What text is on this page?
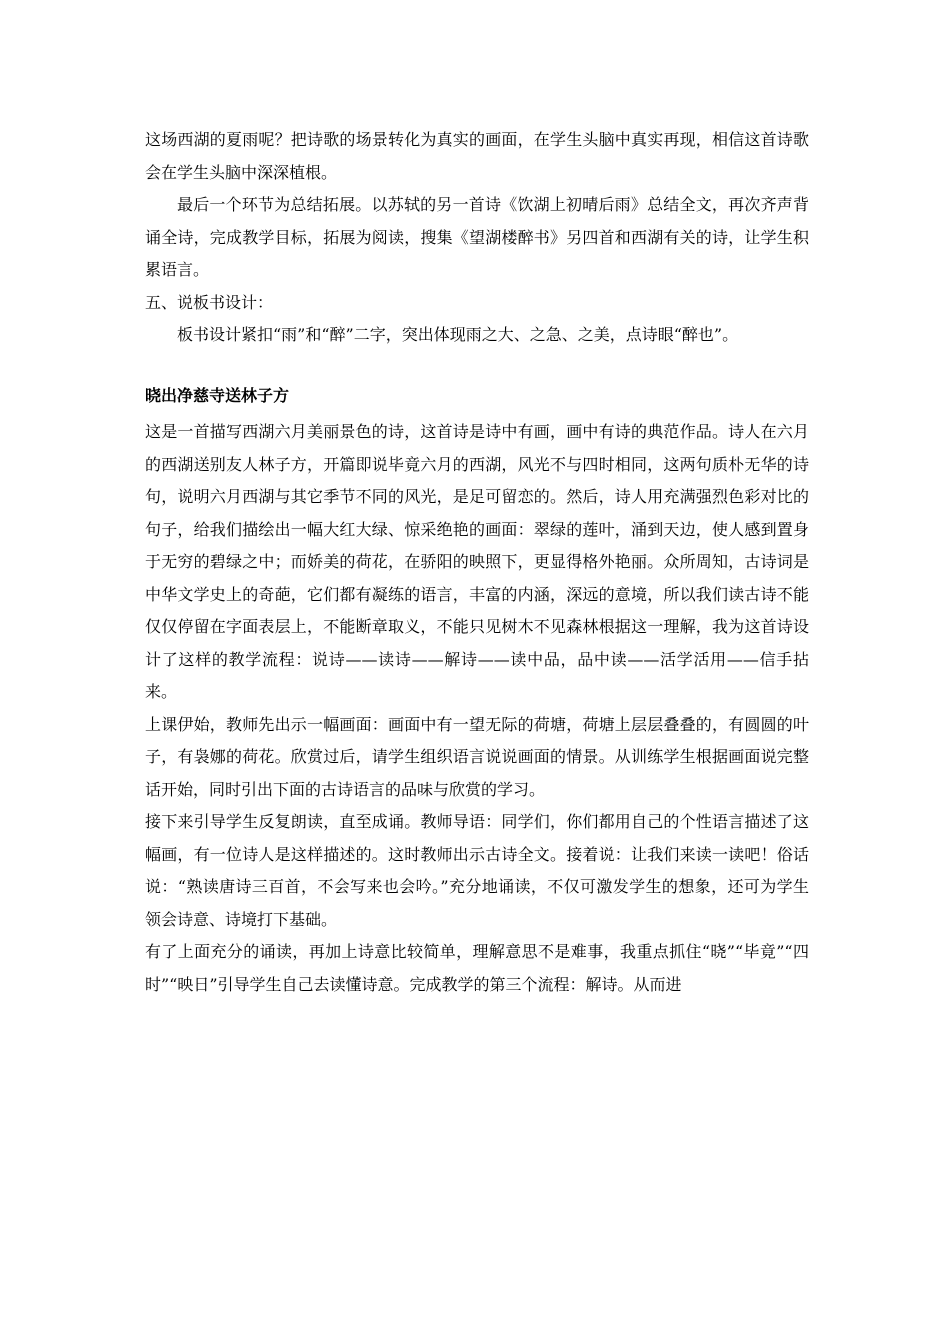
这场西湖的夏雨呢？把诗歌的场景转化为真实的画面，在学生头脑中真实再现，相信这首诗歌会在学生头脑中深深植根。

最后一个环节为总结拓展。以苏轼的另一首诗《饮湖上初晴后雨》总结全文，再次齐声背诵全诗，完成教学目标，拓展为阅读，搜集《望湖楼醉书》另四首和西湖有关的诗，让学生积累语言。

五、说板书设计：

板书设计紧扣“雨”和“醉”二字，突出体现雨之大、之急、之美，点诗眼“醉也”。

晓出净慈寺送林子方

这是一首描写西湖六月美丽景色的诗，这首诗是诗中有画，画中有诗的典范作品。诗人在六月的西湖送别友人林子方，开篇即说毕竟六月的西湖，风光不与四时相同，这两句质朴无华的诗句，说明六月西湖与其它季节不同的风光，是足可留恋的。然后，诗人用充满强烈色彩对比的句子，给我们描绘出一幅大红大绿、惊采绝艳的画面：翠绿的莲叶，涌到天边，使人感到置身于无穷的碧绿之中；而娇美的荷花，在骄阳的映照下，更显得格外艳丽。众所周知，古诗词是中华文学史上的奇葩，它们都有凝练的语言，丰富的内涵，深远的意境，所以我们读古诗不能仅仅停留在字面表层上，不能断章取义，不能只见树木不见森林根据这一理解，我为这首诗设计了这样的教学流程：说诗——读诗——解诗——读中品，品中读——活学活用——信手拈来。

上课伊始，教师先出示一幅画面：画面中有一望无际的荷塘，荷塘上层层叠叠的，有圆圆的叶子，有袅娜的荷花。欣赏过后，请学生组织语言说说画面的情景。从训练学生根据画面说完整话开始，同时引出下面的古诗语言的品味与欣赏的学习。

接下来引导学生反复朗读，直至成诵。教师导语：同学们，你们都用自己的个性语言描述了这幅画，有一位诗人是这样描述的。这时教师出示古诗全文。接着说：让我们来读一读吧！俗话说：“熟读唐诗三百首，不会写来也会吟。”充分地诵读，不仅可激发学生的想象，还可为学生领会诗意、诗境打下基础。

有了上面充分的诵读，再加上诗意比较简单，理解意思不是难事，我重点抓住“晓”“毕竟”“四时”“映日”引导学生自己去读懂诗意。完成教学的第三个流程：解诗。从而进
